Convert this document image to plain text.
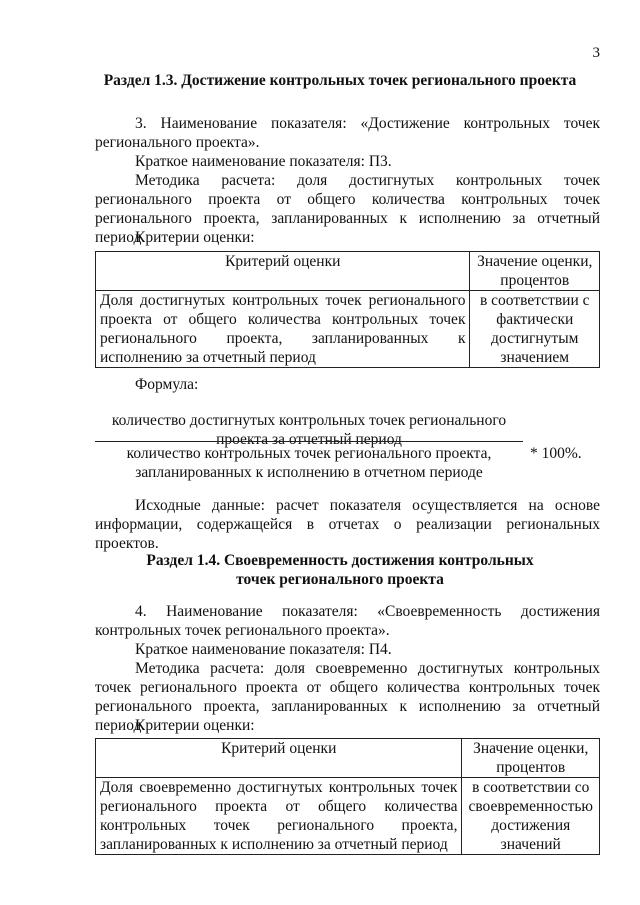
3
Раздел 1.3. Достижение контрольных точек регионального проекта
3. Наименование показателя: «Достижение контрольных точек регионального проекта».
Краткое наименование показателя: П3.
Методика расчета: доля достигнутых контрольных точек регионального проекта от общего количества контрольных точек регионального проекта, запланированных к исполнению за отчетный период.
Критерии оценки:
Критерий оценки	Значение оценки, процентов
Доля достигнутых контрольных точек регионального проекта от общего количества контрольных точек регионального проекта, запланированных к исполнению за отчетный период	в соответствии с фактически достигнутым значением
Формула:
количество достигнутых контрольных точек регионального проекта за отчетный период
количество контрольных точек регионального проекта, запланированных к исполнению в отчетном периоде
* 100%.
Исходные данные: расчет показателя осуществляется на основе информации, содержащейся в отчетах о реализации региональных проектов.
Раздел 1.4. Своевременность достижения контрольных точек регионального проекта
4. Наименование показателя: «Своевременность достижения контрольных точек регионального проекта».
Краткое наименование показателя: П4.
Методика расчета: доля своевременно достигнутых контрольных точек регионального проекта от общего количества контрольных точек регионального проекта, запланированных к исполнению за отчетный период.
Критерии оценки:
Критерий оценки	Значение оценки, процентов
Доля своевременно достигнутых контрольных точек регионального проекта от общего количества контрольных точек регионального проекта, запланированных к исполнению за отчетный период	в соответствии со своевременностью достижения значений
